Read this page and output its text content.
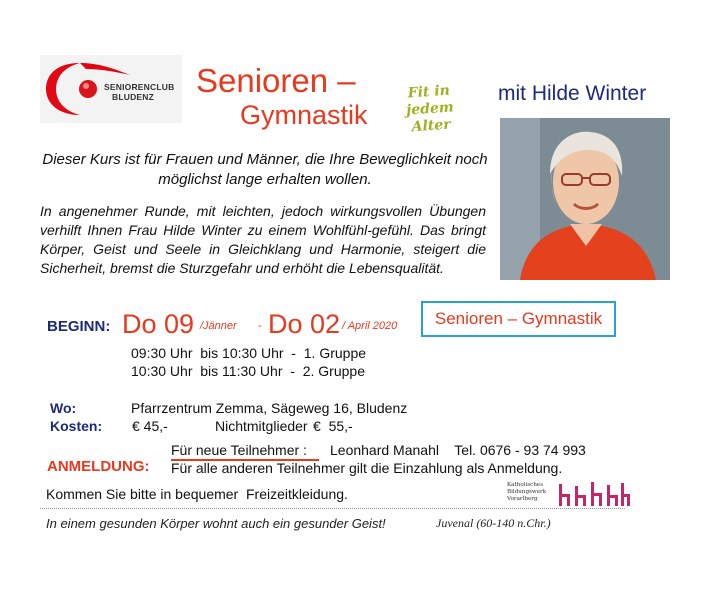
SENIORENCLUB
BLUDENZ	Senioren –
Gymnastik
Fit in jedem
Alter
mit Hilde Winter
Dieser Kurs ist für Frauen und Männer, die Ihre Beweglichkeit noch möglichst lange erhalten wollen.
In angenehmer Runde, mit leichten, jedoch wirkungsvollen Übungen verhilft Ihnen Frau Hilde Winter zu einem Wohlfühl-gefühl. Das bringt Körper, Geist und Seele in Gleichklang und Harmonie, steigert die Sicherheit, bremst die Sturzgefahr und erhöht die Lebensqualität.
BEGINN: Do 09 /Jänner - Do 02 / April 2020	Senioren – Gymnastik
09:30 Uhr  bis 10:30 Uhr  -  1. Gruppe
10:30 Uhr  bis 11:30 Uhr  -  2. Gruppe
Wo:	Pfarrzentrum Zemma, Sägeweg 16, Bludenz
Kosten: € 45,-	Nichtmitglieder €  55,-
ANMELDUNG:
Für neue Teilnehmer : Leonhard Manahl    Tel. 0676 - 93 74 993
Für alle anderen Teilnehmer gilt die Einzahlung als Anmeldung.
Kommen Sie bitte in bequemer  Freizeitkleidung.
Katholisches
Bildungswerk
Vorarlberg
In einem gesunden Körper wohnt auch ein gesunder Geist!	Juvenal (60-140 n.Chr.)
